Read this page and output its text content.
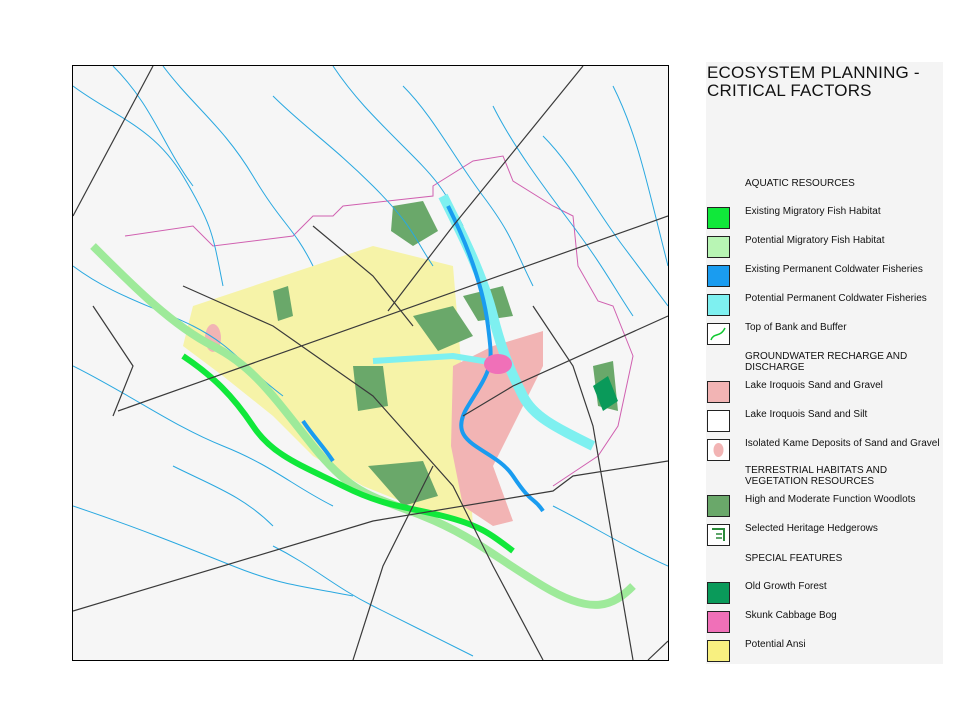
ECOSYSTEM PLANNING -
CRITICAL FACTORS
AQUATIC RESOURCES
Existing Migratory Fish Habitat
Potential Migratory Fish Habitat
Existing Permanent Coldwater Fisheries
Potential Permanent Coldwater Fisheries
Top of Bank and Buffer
GROUNDWATER RECHARGE AND DISCHARGE
Lake Iroquois Sand and Gravel
Lake Iroquois Sand and Silt
Isolated Kame Deposits of Sand and Gravel
TERRESTRIAL HABITATS AND VEGETATION RESOURCES
High and Moderate Function Woodlots
Selected Heritage Hedgerows
SPECIAL FEATURES
Old Growth Forest
Skunk Cabbage Bog
Potential Ansi
